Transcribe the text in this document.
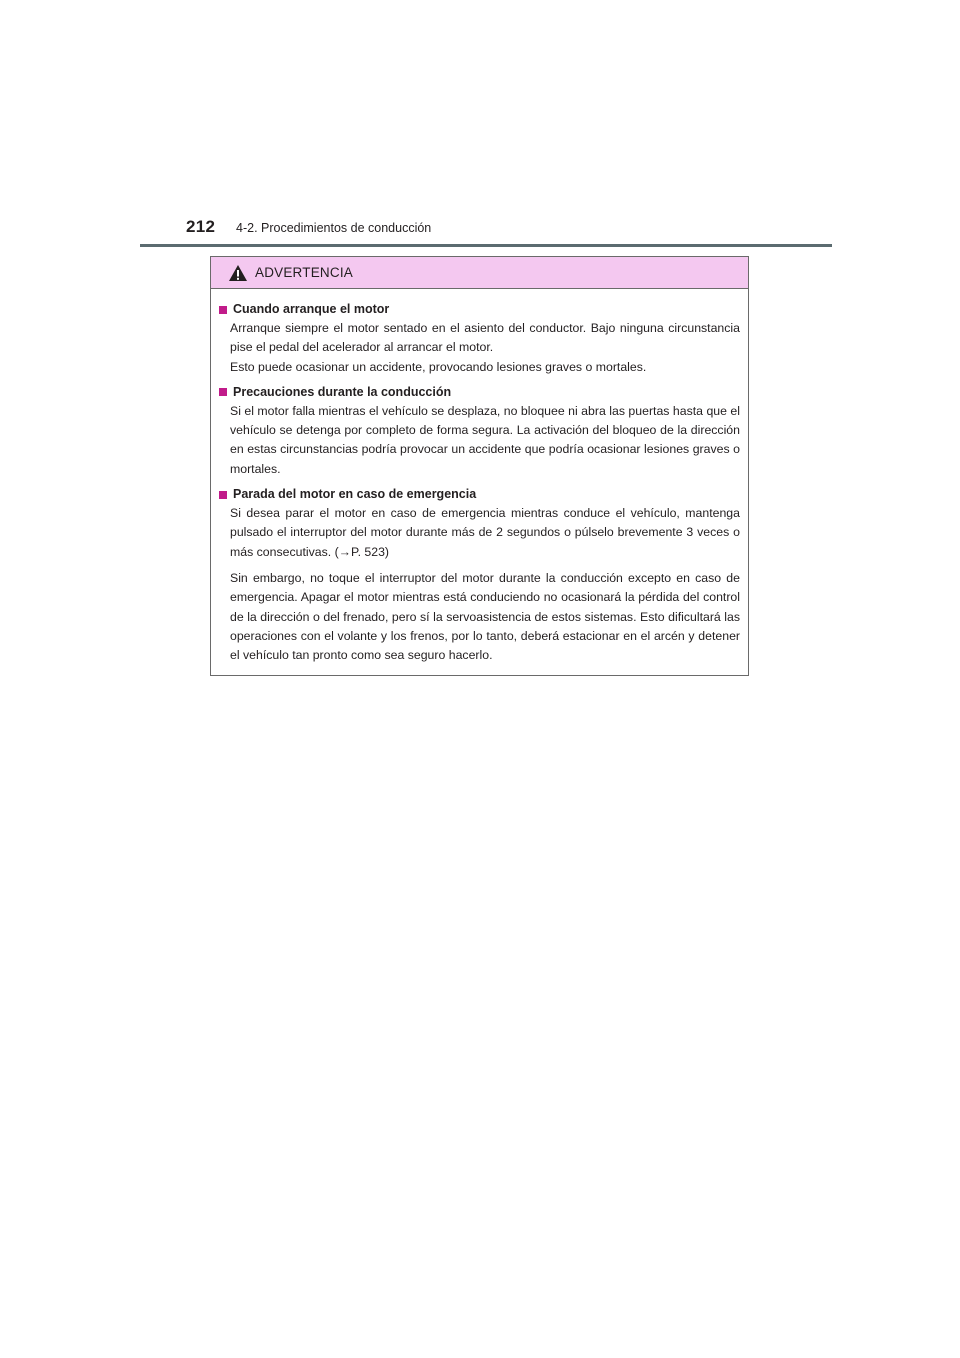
212 4-2. Procedimientos de conducción
ADVERTENCIA
Cuando arranque el motor
Arranque siempre el motor sentado en el asiento del conductor. Bajo ninguna circunstancia pise el pedal del acelerador al arrancar el motor.
Esto puede ocasionar un accidente, provocando lesiones graves o mortales.
Precauciones durante la conducción
Si el motor falla mientras el vehículo se desplaza, no bloquee ni abra las puertas hasta que el vehículo se detenga por completo de forma segura. La activación del bloqueo de la dirección en estas circunstancias podría provocar un accidente que podría ocasionar lesiones graves o mortales.
Parada del motor en caso de emergencia
Si desea parar el motor en caso de emergencia mientras conduce el vehículo, mantenga pulsado el interruptor del motor durante más de 2 segundos o púlselo brevemente 3 veces o más consecutivas. (→P. 523)
Sin embargo, no toque el interruptor del motor durante la conducción excepto en caso de emergencia. Apagar el motor mientras está conduciendo no ocasionará la pérdida del control de la dirección o del frenado, pero sí la servoasistencia de estos sistemas. Esto dificultará las operaciones con el volante y los frenos, por lo tanto, deberá estacionar en el arcén y detener el vehículo tan pronto como sea seguro hacerlo.
